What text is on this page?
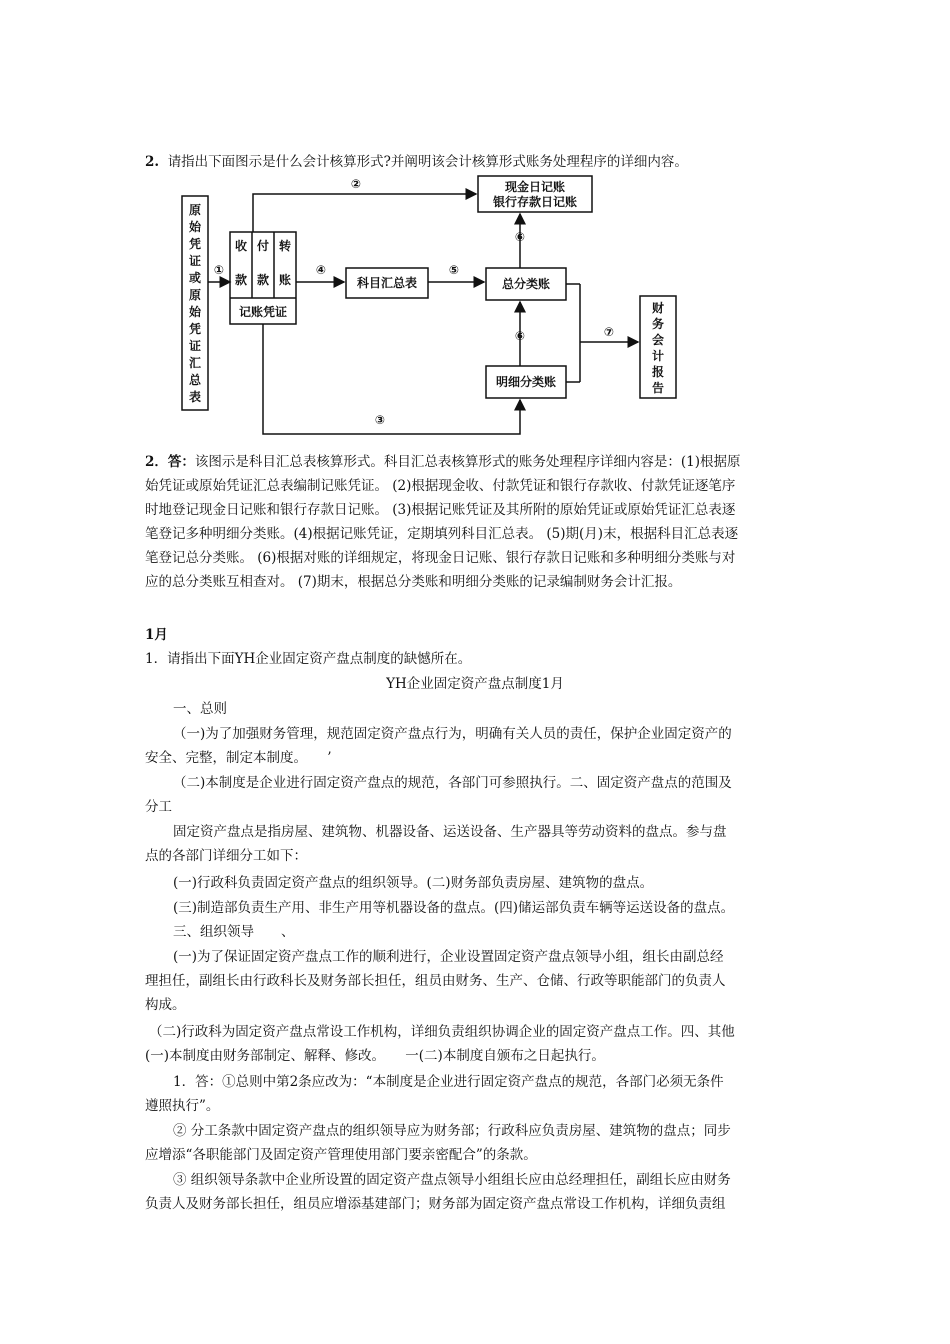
2. 请指出下面图示是什么会计核算形式?并阐明该会计核算形式账务处理程序的详细内容。
原
始
凭
证
或
原
始
凭
证
汇
总
表
收
款
付
款
转
账
记账凭证
现金日记账
银行存款日记账
科目汇总表	总分类账
明细分类账
财
务
会
计
报
告
①
②
③
④	⑤
⑥
⑥	⑦
2．答：该图示是科目汇总表核算形式。科目汇总表核算形式的账务处理程序详细内容是：(1)根据原
始凭证或原始凭证汇总表编制记账凭证。 (2)根据现金收、付款凭证和银行存款收、付款凭证逐笔序
时地登记现金日记账和银行存款日记账。 (3)根据记账凭证及其所附的原始凭证或原始凭证汇总表逐
笔登记多种明细分类账。(4)根据记账凭证，定期填列科目汇总表。 (5)期(月)末，根据科目汇总表逐
笔登记总分类账。 (6)根据对账的详细规定，将现金日记账、银行存款日记账和多种明细分类账与对
应的总分类账互相查对。 (7)期末，根据总分类账和明细分类账的记录编制财务会计汇报。
1月
1．请指出下面YH企业固定资产盘点制度的缺憾所在。
YH企业固定资产盘点制度1月
一、总则
（一)为了加强财务管理，规范固定资产盘点行为，明确有关人员的责任，保护企业固定资产的
安全、完整，制定本制度。　　’
（二)本制度是企业进行固定资产盘点的规范，各部门可参照执行。二、固定资产盘点的范围及
分工
固定资产盘点是指房屋、建筑物、机器设备、运送设备、生产器具等劳动资料的盘点。参与盘
点的各部门详细分工如下：
(一)行政科负责固定资产盘点的组织领导。(二)财务部负责房屋、建筑物的盘点。
(三)制造部负责生产用、非生产用等机器设备的盘点。(四)储运部负责车辆等运送设备的盘点。
三、组织领导　　、
(一)为了保证固定资产盘点工作的顺利进行，企业设置固定资产盘点领导小组，组长由副总经
理担任，副组长由行政科长及财务部长担任，组员由财务、生产、仓储、行政等职能部门的负责人
构成。
（二)行政科为固定资产盘点常设工作机构，详细负责组织协调企业的固定资产盘点工作。四、其他
(一)本制度由财务部制定、解释、修改。　　一(二)本制度自颁布之日起执行。
1．答：①总则中第2条应改为：“本制度是企业进行固定资产盘点的规范，各部门必须无条件
遵照执行”。
② 分工条款中固定资产盘点的组织领导应为财务部；行政科应负责房屋、建筑物的盘点；同步
应增添“各职能部门及固定资产管理使用部门要亲密配合”的条款。
③ 组织领导条款中企业所设置的固定资产盘点领导小组组长应由总经理担任，副组长应由财务
负责人及财务部长担任，组员应增添基建部门；财务部为固定资产盘点常设工作机构，详细负责组
